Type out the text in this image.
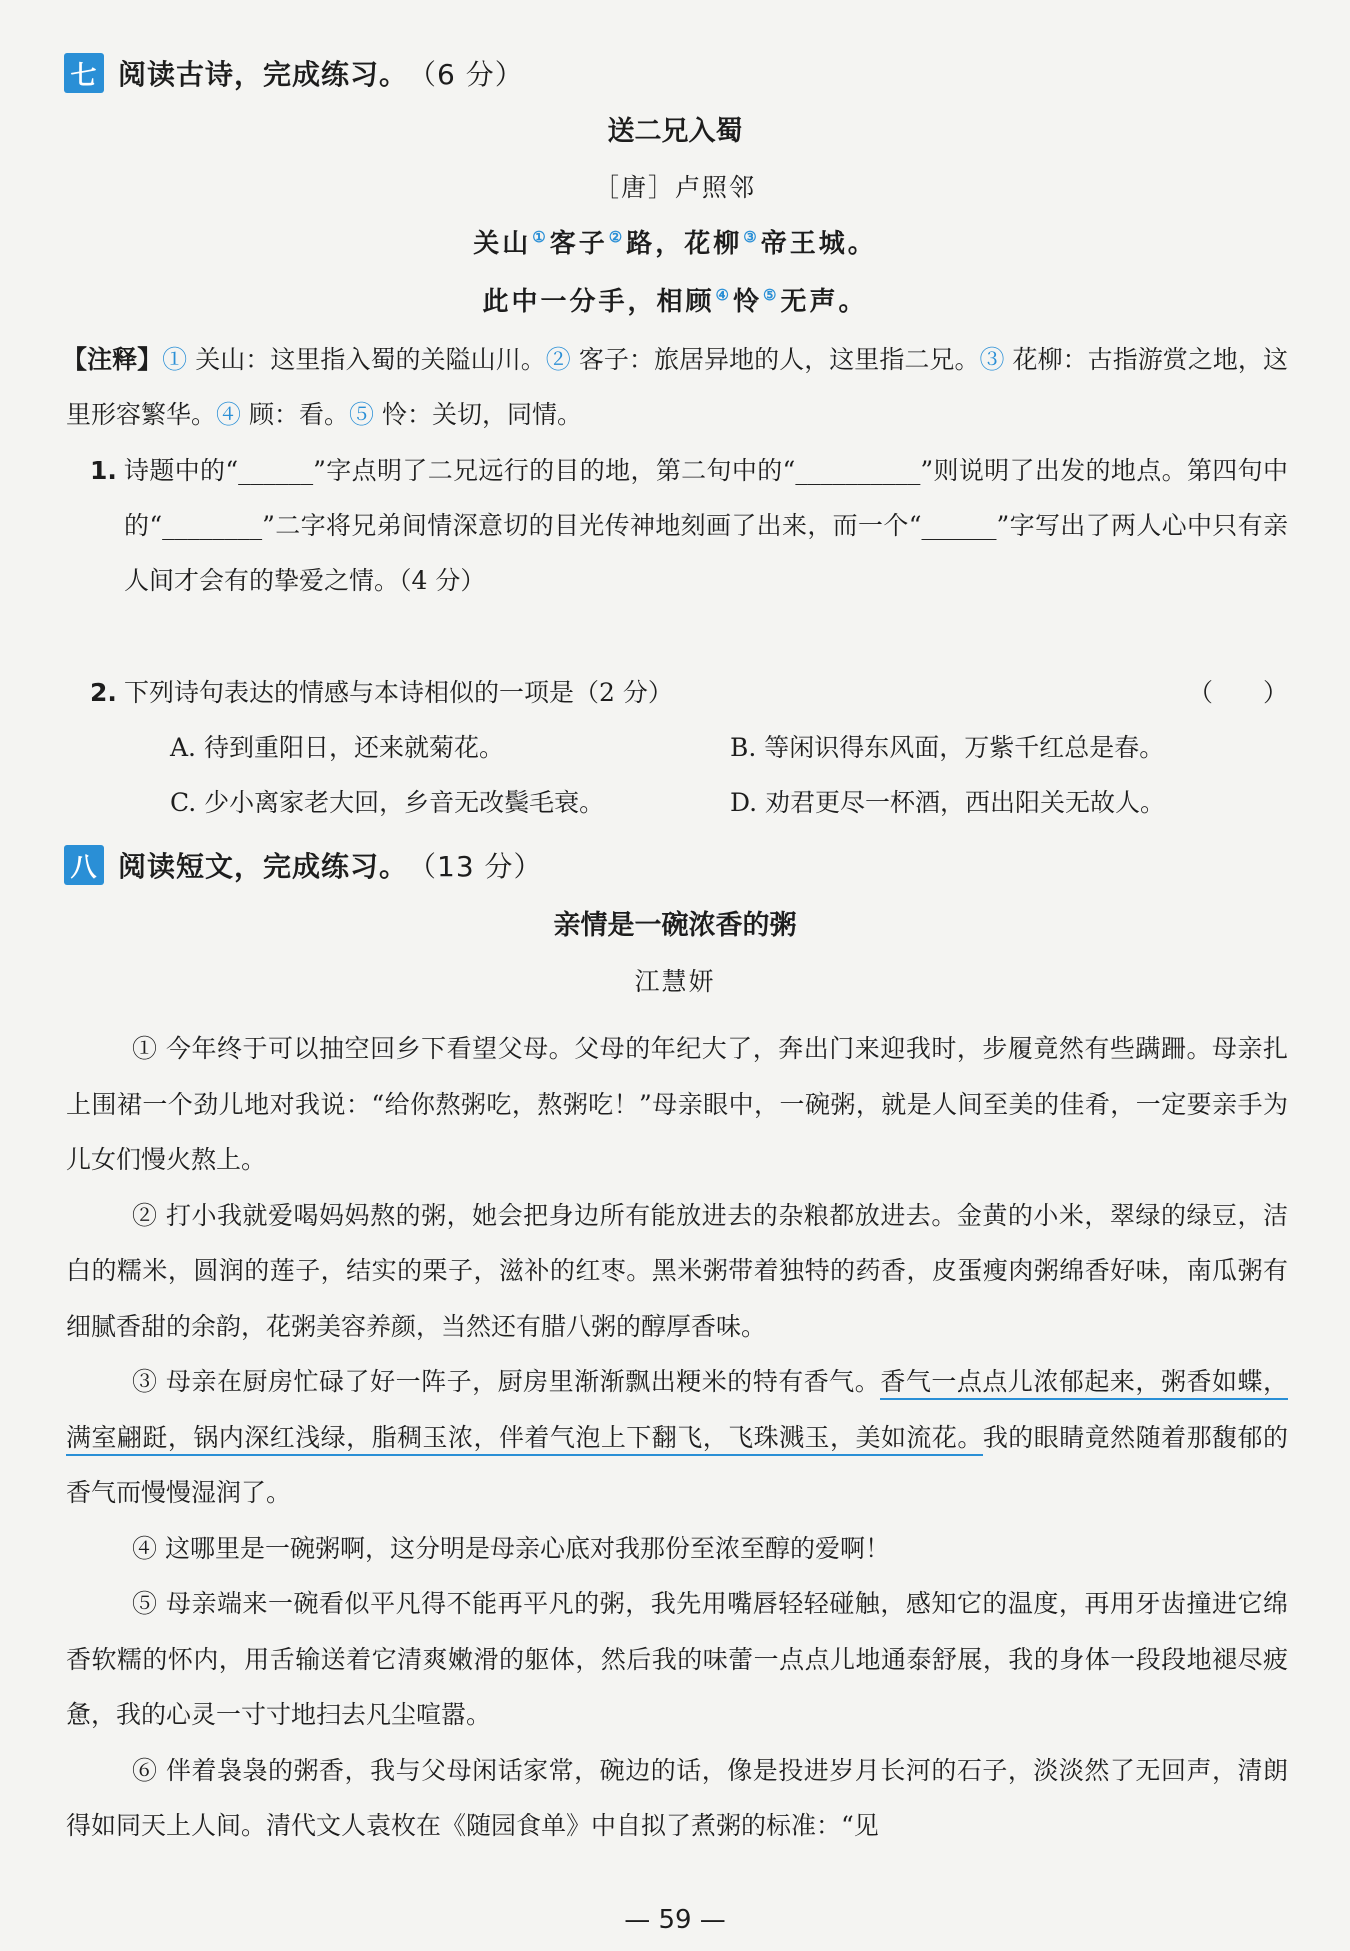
七 阅读古诗，完成练习。 （6 分）
送二兄入蜀
［唐］卢照邻
关山①客子②路，花柳③帝王城。
此中一分手，相顾④怜⑤无声。

【注释】① 关山：这里指入蜀的关隘山川。② 客子：旅居异地的人，这里指二兄。③ 花柳：古指游赏之地，这里形容繁华。④ 顾：看。⑤ 怜：关切，同情。

1. 诗题中的“______”字点明了二兄远行的目的地，第二句中的“__________”则说明了出发的地点。第四句中的“________”二字将兄弟间情深意切的目光传神地刻画了出来，而一个“______”字写出了两人心中只有亲人间才会有的挚爱之情。（4 分）
2. 下列诗句表达的情感与本诗相似的一项是（2 分）	（　　）
A. 待到重阳日，还来就菊花。	B. 等闲识得东风面，万紫千红总是春。
C. 少小离家老大回，乡音无改鬓毛衰。	D. 劝君更尽一杯酒，西出阳关无故人。
八 阅读短文，完成练习。 （13 分）
亲情是一碗浓香的粥
江慧妍

① 今年终于可以抽空回乡下看望父母。父母的年纪大了，奔出门来迎我时，步履竟然有些蹒跚。母亲扎上围裙一个劲儿地对我说：“给你熬粥吃，熬粥吃！”母亲眼中，一碗粥，就是人间至美的佳肴，一定要亲手为儿女们慢火熬上。

② 打小我就爱喝妈妈熬的粥，她会把身边所有能放进去的杂粮都放进去。金黄的小米，翠绿的绿豆，洁白的糯米，圆润的莲子，结实的栗子，滋补的红枣。黑米粥带着独特的药香，皮蛋瘦肉粥绵香好味，南瓜粥有细腻香甜的余韵，花粥美容养颜，当然还有腊八粥的醇厚香味。

③ 母亲在厨房忙碌了好一阵子，厨房里渐渐飘出粳米的特有香气。香气一点点儿浓郁起来，粥香如蝶，满室翩跹，锅内深红浅绿，脂稠玉浓，伴着气泡上下翻飞，飞珠溅玉，美如流花。我的眼睛竟然随着那馥郁的香气而慢慢湿润了。

④ 这哪里是一碗粥啊，这分明是母亲心底对我那份至浓至醇的爱啊！

⑤ 母亲端来一碗看似平凡得不能再平凡的粥，我先用嘴唇轻轻碰触，感知它的温度，再用牙齿撞进它绵香软糯的怀内，用舌输送着它清爽嫩滑的躯体，然后我的味蕾一点点儿地通泰舒展，我的身体一段段地褪尽疲惫，我的心灵一寸寸地扫去凡尘喧嚣。

⑥ 伴着袅袅的粥香，我与父母闲话家常，碗边的话，像是投进岁月长河的石子，淡淡然了无回声，清朗得如同天上人间。清代文人袁枚在《随园食单》中自拟了煮粥的标准：“见

— 59 —
